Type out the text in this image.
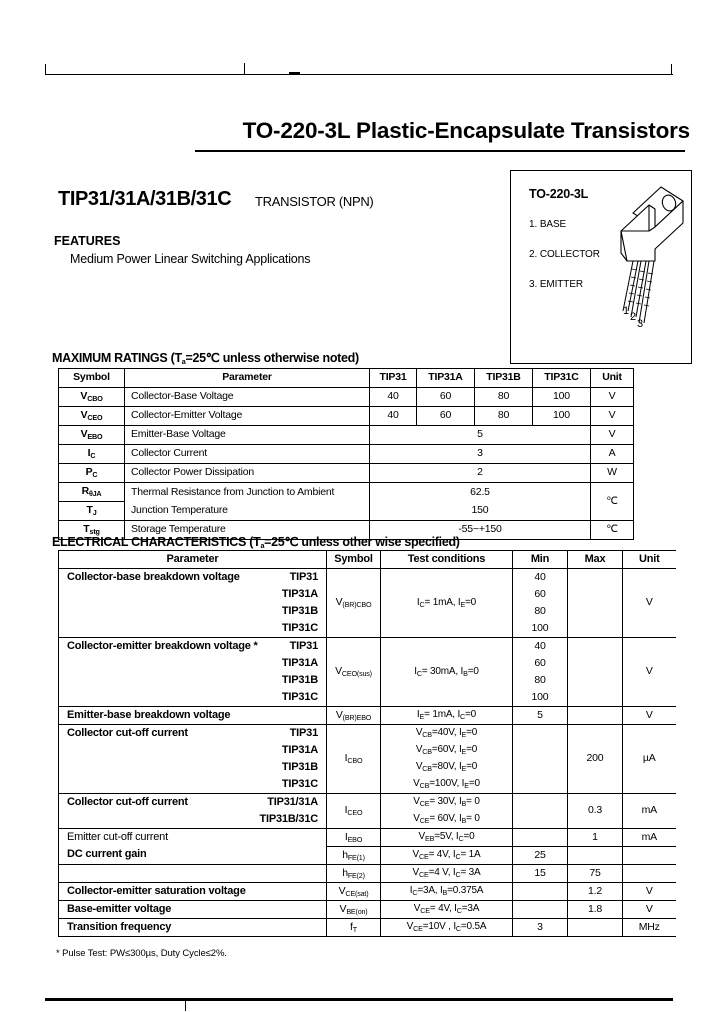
TO-220-3L Plastic-Encapsulate Transistors
TIP31/31A/31B/31C TRANSISTOR (NPN)
FEATURES
Medium Power Linear Switching Applications
TO-220-3L
1. BASE
2. COLLECTOR
3. EMITTER
1 2
3
MAXIMUM RATINGS ($T_a=25℃$ unless otherwise noted)
Symbol	Parameter	TIP31	TIP31A	TIP31B	TIP31C	Unit
$V_{CBO}$	Collector-Base Voltage	40	60	80	100	V
$V_{CEO}$	Collector-Emitter Voltage	40	60	80	100	V
$V_{EBO}$	Emitter-Base Voltage	5				V
$I_C$	Collector Current	3				A
$P_C$	Collector Power Dissipation	2				W
$R_{\theta JA}$	Thermal Resistance from Junction to Ambient	62.5				℃
$T_J$	Junction Temperature	150				
$T_{stg}$	Storage Temperature	-55~+150				℃
ELECTRICAL CHARACTERISTICS ($T_a=25℃$ unless other wise specified)
Parameter	Symbol	Test conditions	Min	Max	Unit

Collector-base breakdown voltage TIP31	$V_{(BR)CBO}$	$I_C= 1mA$, $I_E=0$	40		V

TIP31A			60		

TIP31B			80		

TIP31C			100		

Collector-emitter breakdown voltage * TIP31	$V_{CEO(sus)}$	$I_C= 30mA$, $I_B=0$	40		V

TIP31A			60		

TIP31B			80		

TIP31C			100		
Emitter-base breakdown voltage	$V_{(BR)EBO}$	$I_E= 1mA$, $I_C=0$	5		V

Collector cut-off current TIP31	$I_{CBO}$	$V_{CB}=40V$, $I_E=0$		200	µA

TIP31A		$V_{CB}=60V$, $I_E=0$			

TIP31B		$V_{CB}=80V$, $I_E=0$			

TIP31C		$V_{CB}=100V$, $I_E=0$			

Collector cut-off current TIP31/31A	$I_{CEO}$	$V_{CE}= 30V$, $I_B= 0$		0.3	mA

TIP31B/31C		$V_{CE}= 60V$, $I_B= 0$			
Emitter cut-off current	$I_{EBO}$	$V_{EB}=5V$, $I_C=0$		1	mA
DC current gain	$h_{FE(1)}$	$V_{CE}= 4V$, $I_C= 1A$	25		
	$h_{FE(2)}$	$V_{CE}=4$ V, $I_C= 3A$	15	75	
Collector-emitter saturation voltage	$V_{CE(sat)}$	$I_C=3A$, $I_B=0.375A$		1.2	V
Base-emitter voltage	$V_{BE(on)}$	$V_{CE}= 4V$, $I_C=3A$		1.8	V
Transition frequency	$f_T$	$V_{CE}=10V$ , $I_C=0.5A$	3		MHz
* Pulse Test: PW≤300µs, Duty Cycle≤2%.
